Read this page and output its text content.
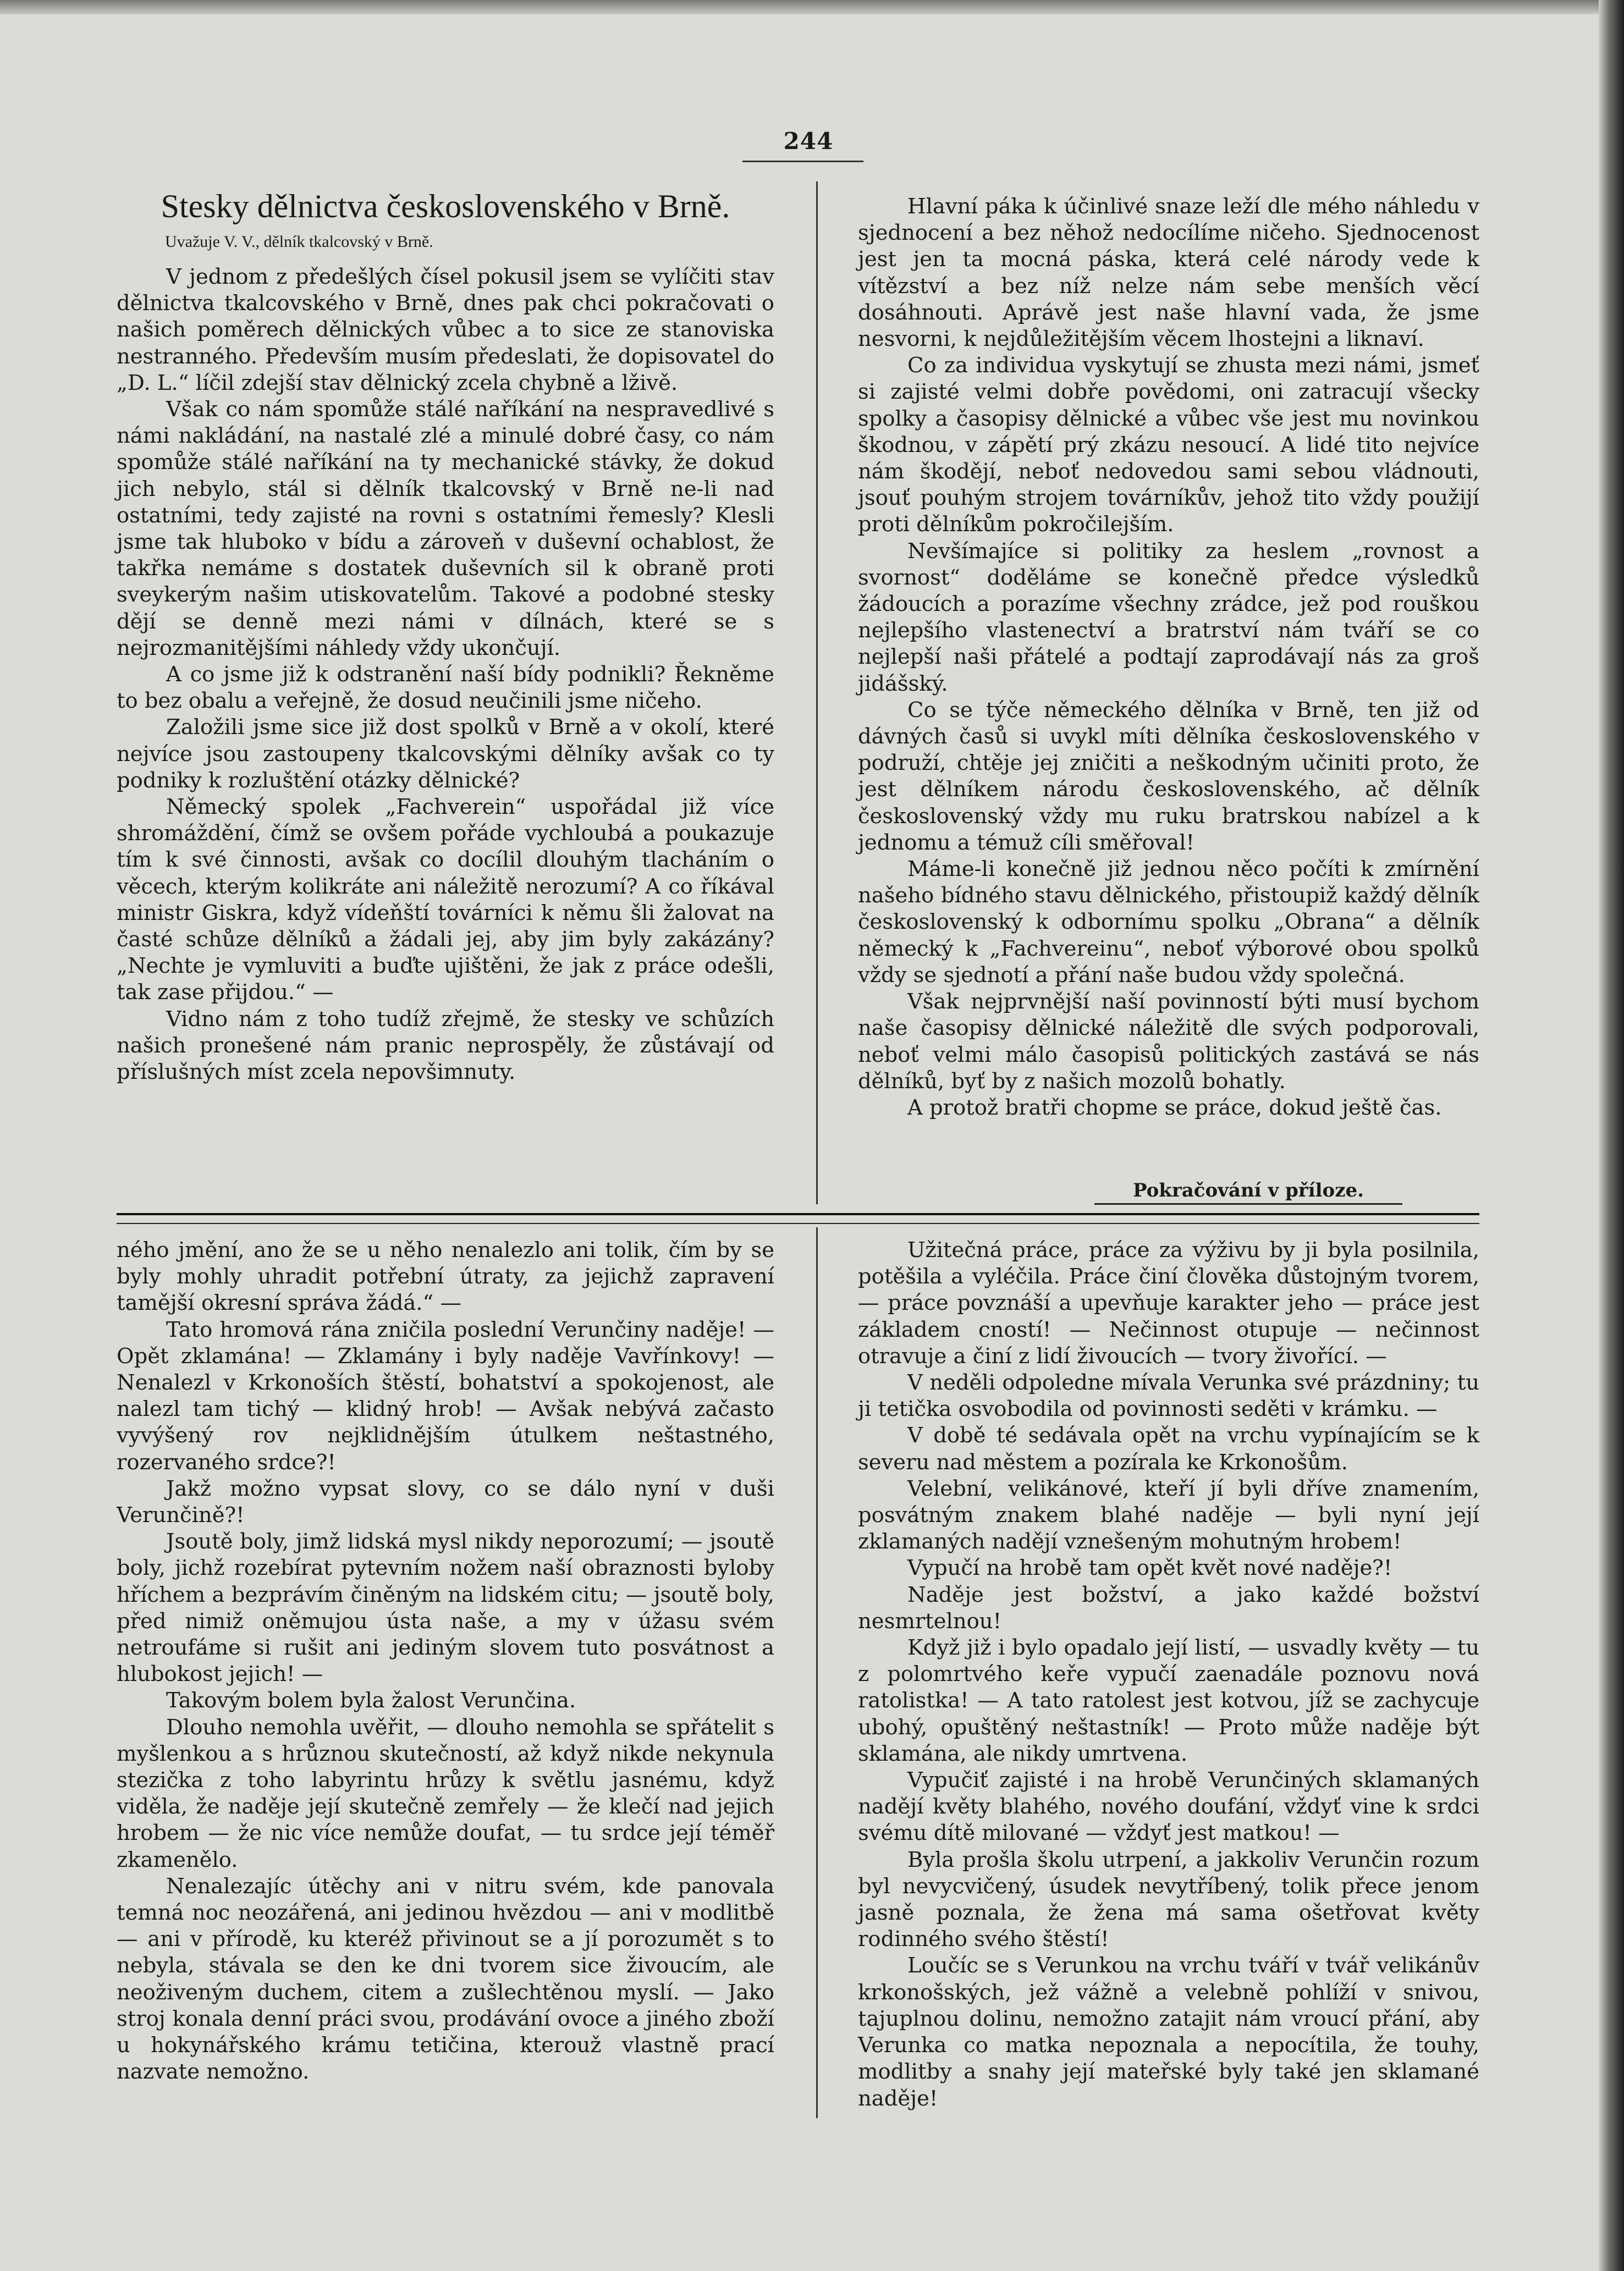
244
Stesky dělnictva československého v Brně.
Uvažuje V. V., dělník tkalcovský v Brně.

V jednom z předešlých čísel pokusil jsem se vylíčiti stav dělnictva tkalcovského v Brně, dnes pak chci pokračovati o našich poměrech dělnických vůbec a to sice ze stanoviska nestranného. Především musím předeslati, že dopisovatel do „D. L.“ líčil zdejší stav dělnický zcela chybně a lživě.

Však co nám spomůže stálé naříkání na nespravedlivé s námi nakládání, na nastalé zlé a minulé dobré časy, co nám spomůže stálé naříkání na ty mechanické stávky, že dokud jich nebylo, stál si dělník tkalcovský v Brně ne-li nad ostatními, tedy zajisté na rovni s ostatními řemesly? Klesli jsme tak hluboko v bídu a zároveň v duševní ochablost, že takřka nemáme s dostatek duševních sil k obraně proti sveykerým našim utiskovatelům. Takové a podobné stesky dějí se denně mezi námi v dílnách, které se s nejrozmanitějšími náhledy vždy ukončují.

A co jsme již k odstranění naší bídy podnikli? Řekněme to bez obalu a veřejně, že dosud neučinili jsme ničeho.

Založili jsme sice již dost spolků v Brně a v okolí, které nejvíce jsou zastoupeny tkalcovskými dělníky avšak co ty podniky k rozluštění otázky dělnické?

Německý spolek „Fachverein“ uspořádal již více shromáždění, čímž se ovšem pořáde vychloubá a poukazuje tím k své činnosti, avšak co docílil dlouhým tlacháním o věcech, kterým kolikráte ani náležitě nerozumí? A co říkával ministr Giskra, když vídeňští továrníci k němu šli žalovat na časté schůze dělníků a žádali jej, aby jim byly zakázány? „Nechte je vymluviti a buďte ujištěni, že jak z práce odešli, tak zase přijdou.“ —

Vidno nám z toho tudíž zřejmě, že stesky ve schůzích našich pronešené nám pranic neprospěly, že zůstávají od příslušných míst zcela nepovšimnuty.

Hlavní páka k účinlivé snaze leží dle mého náhledu v sjednocení a bez něhož nedocílíme ničeho. Sjednocenost jest jen ta mocná páska, která celé národy vede k vítězství a bez níž nelze nám sebe menších věcí dosáhnouti. Aprávě jest naše hlavní vada, že jsme nesvorni, k nejdůležitějším věcem lhostejni a liknaví.

Co za individua vyskytují se zhusta mezi námi, jsmeť si zajisté velmi dobře povědomi, oni zatracují všecky spolky a časopisy dělnické a vůbec vše jest mu novinkou škodnou, v zápětí prý zkázu nesoucí. A lidé tito nejvíce nám škodějí, neboť nedovedou sami sebou vládnouti, jsouť pouhým strojem továrníkův, jehož tito vždy použijí proti dělníkům pokročilejším.

Nevšímajíce si politiky za heslem „rovnost a svornost“ doděláme se konečně předce výsledků žádoucích a porazíme všechny zrádce, jež pod rouškou nejlepšího vlastenectví a bratrství nám tváří se co nejlepší naši přátelé a podtají zaprodávají nás za groš jidášský.

Co se týče německého dělníka v Brně, ten již od dávných časů si uvykl míti dělníka československého v podruží, chtěje jej zničiti a neškodným učiniti proto, že jest dělníkem národu československého, ač dělník československý vždy mu ruku bratrskou nabízel a k jednomu a témuž cíli směřoval!

Máme-li konečně již jednou něco počíti k zmírnění našeho bídného stavu dělnického, přistoupiž každý dělník československý k odbornímu spolku „Obrana“ a dělník německý k „Fachvereinu“, neboť výborové obou spolků vždy se sjednotí a přání naše budou vždy společná.

Však nejprvnější naší povinností býti musí bychom naše časopisy dělnické náležitě dle svých podporovali, neboť velmi málo časopisů politických zastává se nás dělníků, byť by z našich mozolů bohatly.

A protož bratři chopme se práce, dokud ještě čas.

Pokračování v příloze.

ného jmění, ano že se u něho nenalezlo ani tolik, čím by se byly mohly uhradit potřební útraty, za jejichž zapravení tamější okresní správa žádá.“ —

Tato hromová rána zničila poslední Verunčiny naděje! — Opět zklamána! — Zklamány i byly naděje Vavřínkovy! — Nenalezl v Krkonoších štěstí, bohatství a spokojenost, ale nalezl tam tichý — klidný hrob! — Avšak nebývá začasto vyvýšený rov nejklidnějším útulkem neštastného, rozervaného srdce?!

Jakž možno vypsat slovy, co se dálo nyní v duši Verunčině?!

Jsoutě boly, jimž lidská mysl nikdy neporozumí; — jsoutě boly, jichž rozebírat pytevním nožem naší obraznosti byloby hříchem a bezprávím činěným na lidském citu; — jsoutě boly, před nimiž oněmujou ústa naše, a my v úžasu svém netroufáme si rušit ani jediným slovem tuto posvátnost a hlubokost jejich! —

Takovým bolem byla žalost Verunčina.

Dlouho nemohla uvěřit, — dlouho nemohla se spřátelit s myšlenkou a s hrůznou skutečností, až když nikde nekynula stezička z toho labyrintu hrůzy k světlu jasnému, když viděla, že naděje její skutečně zemřely — že klečí nad jejich hrobem — že nic více nemůže doufat, — tu srdce její téměř zkamenělo.

Nenalezajíc útěchy ani v nitru svém, kde panovala temná noc neozářená, ani jedinou hvězdou — ani v modlitbě — ani v přírodě, ku kteréž přivinout se a jí porozumět s to nebyla, stávala se den ke dni tvorem sice živoucím, ale neoživeným duchem, citem a zušlechtěnou myslí. — Jako stroj konala denní práci svou, prodávání ovoce a jiného zboží u hokynářského krámu tetičina, kterouž vlastně prací nazvate nemožno.

Užitečná práce, práce za výživu by ji byla posilnila, potěšila a vyléčila. Práce činí člověka důstojným tvorem, — práce povznáší a upevňuje karakter jeho — práce jest základem cností! — Nečinnost otupuje — nečinnost otravuje a činí z lidí živoucích — tvory živořící. —

V neděli odpoledne mívala Verunka své prázdniny; tu ji tetička osvobodila od povinnosti seděti v krámku. —

V době té sedávala opět na vrchu vypínajícím se k severu nad městem a pozírala ke Krkonošům.

Velební, velikánové, kteří jí byli dříve znamením, posvátným znakem blahé naděje — byli nyní její zklamaných nadějí vznešeným mohutným hrobem!

Vypučí na hrobě tam opět květ nové naděje?!

Naděje jest božství, a jako každé božství nesmrtelnou!

Když již i bylo opadalo její listí, — usvadly květy — tu z polomrtvého keře vypučí zaenadále poznovu nová ratolistka! — A tato ratolest jest kotvou, jíž se zachycuje ubohý, opuštěný neštastník! — Proto může naděje být sklamána, ale nikdy umrtvena.

Vypučiť zajisté i na hrobě Verunčiných sklamaných nadějí květy blahého, nového doufání, vždyť vine k srdci svému dítě milované — vždyť jest matkou! —

Byla prošla školu utrpení, a jakkoliv Verunčin rozum byl nevycvičený, úsudek nevytříbený, tolik přece jenom jasně poznala, že žena má sama ošetřovat květy rodinného svého štěstí!

Loučíc se s Verunkou na vrchu tváří v tvář velikánův krkonošských, jež vážně a velebně pohlíží v snivou, tajuplnou dolinu, nemožno zatajit nám vroucí přání, aby Verunka co matka nepoznala a nepocítila, že touhy, modlitby a snahy její mateřské byly také jen sklamané naděje!
